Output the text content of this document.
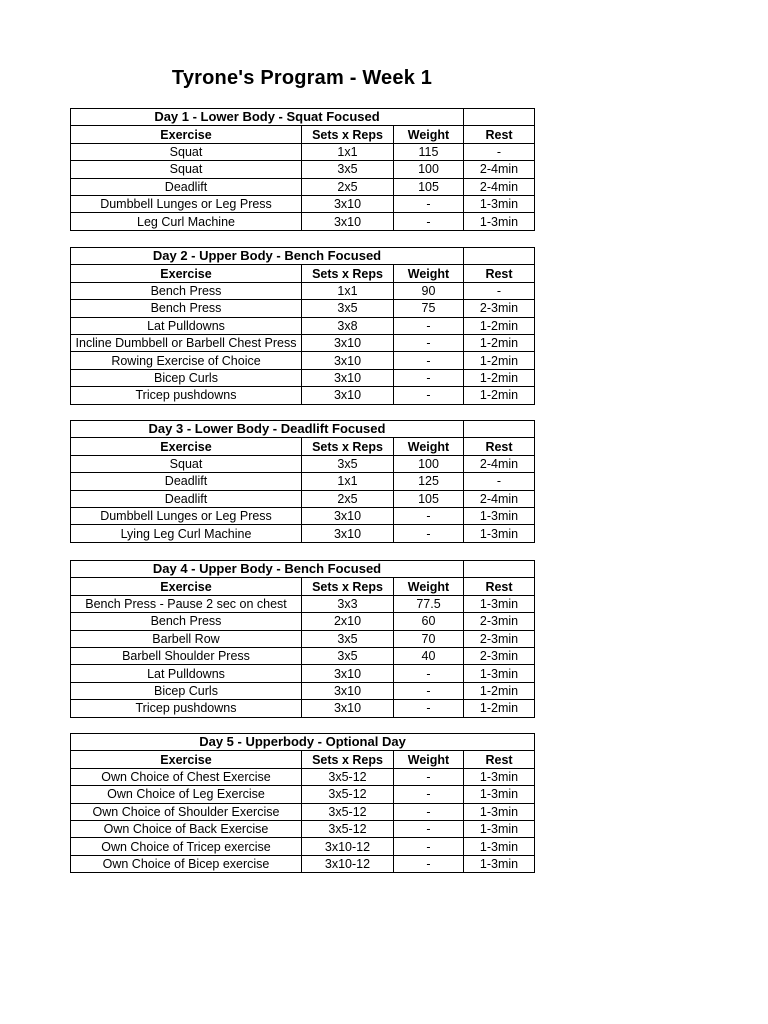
Tyrone's Program - Week 1
Day 1 - Lower Body - Squat Focused			
Exercise	Sets x Reps	Weight	Rest
Squat	1x1	115	-
Squat	3x5	100	2-4min
Deadlift	2x5	105	2-4min
Dumbbell Lunges or Leg Press	3x10	-	1-3min
Leg Curl Machine	3x10	-	1-3min
Day 2 - Upper Body - Bench Focused			
Exercise	Sets x Reps	Weight	Rest
Bench Press	1x1	90	-
Bench Press	3x5	75	2-3min
Lat Pulldowns	3x8	-	1-2min
Incline Dumbbell or Barbell Chest Press	3x10	-	1-2min
Rowing Exercise of Choice	3x10	-	1-2min
Bicep Curls	3x10	-	1-2min
Tricep pushdowns	3x10	-	1-2min
Day 3 - Lower Body - Deadlift Focused			
Exercise	Sets x Reps	Weight	Rest
Squat	3x5	100	2-4min
Deadlift	1x1	125	-
Deadlift	2x5	105	2-4min
Dumbbell Lunges or Leg Press	3x10	-	1-3min
Lying Leg Curl Machine	3x10	-	1-3min
Day 4 - Upper Body - Bench Focused			
Exercise	Sets x Reps	Weight	Rest
Bench Press - Pause 2 sec on chest	3x3	77.5	1-3min
Bench Press	2x10	60	2-3min
Barbell Row	3x5	70	2-3min
Barbell Shoulder Press	3x5	40	2-3min
Lat Pulldowns	3x10	-	1-3min
Bicep Curls	3x10	-	1-2min
Tricep pushdowns	3x10	-	1-2min
Day 5 - Upperbody - Optional Day			
Exercise	Sets x Reps	Weight	Rest
Own Choice of Chest Exercise	3x5-12	-	1-3min
Own Choice of Leg Exercise	3x5-12	-	1-3min
Own Choice of Shoulder Exercise	3x5-12	-	1-3min
Own Choice of Back Exercise	3x5-12	-	1-3min
Own Choice of Tricep exercise	3x10-12	-	1-3min
Own Choice of Bicep exercise	3x10-12	-	1-3min
